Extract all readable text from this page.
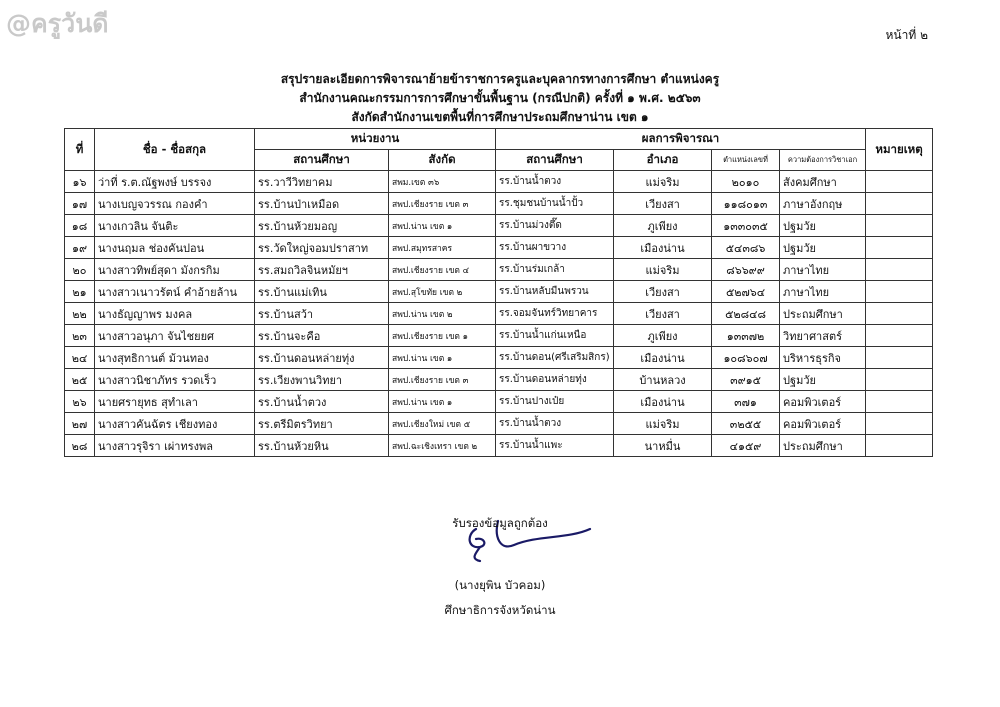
@ครูวันดี	หน้าที่ ๒
สรุปรายละเอียดการพิจารณาย้ายข้าราชการครูและบุคลากรทางการศึกษา ตำแหน่งครู
สำนักงานคณะกรรมการการศึกษาขั้นพื้นฐาน (กรณีปกติ) ครั้งที่ ๑ พ.ศ. ๒๕๖๓
สังกัดสำนักงานเขตพื้นที่การศึกษาประถมศึกษาน่าน เขต ๑
ที่	ชื่อ - ชื่อสกุล	หน่วยงาน		ผลการพิจารณา				หมายเหตุ
		สถานศึกษา	สังกัด	สถานศึกษา	อำเภอ	ตำแหน่งเลขที่	ความต้องการวิชาเอก	
๑๖	ว่าที่ ร.ต.ณัฐพงษ์ บรรจง	รร.วาวีวิทยาคม	สพม.เขต ๓๖	รร.บ้านน้ำตวง	แม่จริม	๒๐๑๐	สังคมศึกษา	
๑๗	นางเบญจวรรณ กองคำ	รร.บ้านป่าเหมือด	สพป.เชียงราย เขต ๓	รร.ชุมชนบ้านน้ำปั้ว	เวียงสา	๑๑๘๐๑๓	ภาษาอังกฤษ	
๑๘	นางเกวลิน จันติะ	รร.บ้านห้วยมอญ	สพป.น่าน เขต ๑	รร.บ้านม่วงตึ๊ด	ภูเพียง	๑๓๓๐๓๕	ปฐมวัย	
๑๙	นางนฤมล ช่องคันปอน	รร.วัดใหญ่จอมปราสาท	สพป.สมุทรสาคร	รร.บ้านผาขวาง	เมืองน่าน	๕๔๓๘๖	ปฐมวัย	
๒๐	นางสาวทิพย์สุดา มังกรกิม	รร.สมถวิลจินหมัยฯ	สพป.เชียงราย เขต ๔	รร.บ้านร่มเกล้า	แม่จริม	๘๖๖๙๙	ภาษาไทย	
๒๑	นางสาวเนาวรัตน์ คำอ้ายล้าน	รร.บ้านแม่เทิน	สพป.สุโขทัย เขต ๒	รร.บ้านหลับมืนพรวน	เวียงสา	๕๒๗๖๔	ภาษาไทย	
๒๒	นางธัญญาพร มงคล	รร.บ้านสว้า	สพป.น่าน เขต ๒	รร.จอมจันทร์วิทยาคาร	เวียงสา	๕๒๘๔๘	ประถมศึกษา	
๒๓	นางสาวอนุภา จันไชยยศ	รร.บ้านจะคือ	สพป.เชียงราย เขต ๑	รร.บ้านน้ำแก่นเหนือ	ภูเพียง	๑๓๓๗๒	วิทยาศาสตร์	
๒๔	นางสุทธิกานต์ ม้วนทอง	รร.บ้านดอนหล่ายทุ่ง	สพป.น่าน เขต ๑	รร.บ้านดอน(ศรีเสริมสิกร)	เมืองน่าน	๑๐๘๖๐๗	บริหารธุรกิจ	
๒๕	นางสาวนิชาภัทร รวดเร็ว	รร.เวียงพานวิทยา	สพป.เชียงราย เขต ๓	รร.บ้านดอนหล่ายทุ่ง	บ้านหลวง	๓๙๑๕	ปฐมวัย	
๒๖	นายศรายุทธ สุทำเลา	รร.บ้านน้ำตวง	สพป.น่าน เขต ๑	รร.บ้านปางเป๋ย	เมืองน่าน	๓๗๑	คอมพิวเตอร์	
๒๗	นางสาวคันฉัตร เชียงทอง	รร.ตรีมิตรวิทยา	สพป.เชียงใหม่ เขต ๕	รร.บ้านน้ำตวง	แม่จริม	๓๒๕๕	คอมพิวเตอร์	
๒๘	นางสาวรุจิรา เผ่าทรงพล	รร.บ้านห้วยหิน	สพป.ฉะเชิงเทรา เขต ๒	รร.บ้านน้ำแพะ	นาหมื่น	๔๑๕๙	ประถมศึกษา	
รับรองข้อมูลถูกต้อง
(นางยุพิน บัวคอม)
ศึกษาธิการจังหวัดน่าน
